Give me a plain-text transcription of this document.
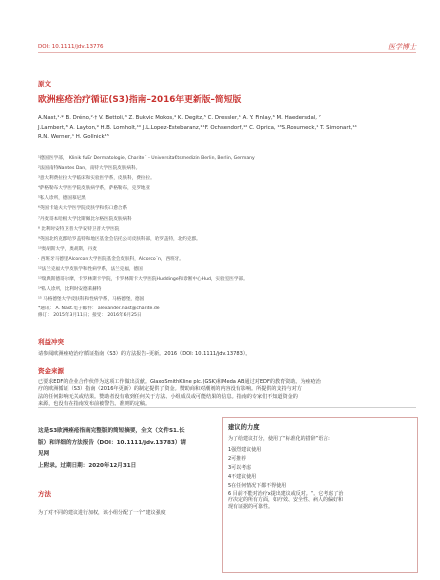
DOI: 10.1111/jdv.13776	医学博士
原文
欧洲痤疮治疗循证(S3)指南–2016年更新版–简短版
A.Nast,¹·* B. Dréno,²·† V. Bettoli,³ Z. Bukvic Mokos,⁴ K. Degitz,⁵ C. Dressler,¹ A. Y. Finlay,⁶ M. Haedersdal, ⁷
J.Lambert,⁸ A. Layton,⁹ H.B. Lomholt,¹⁰ J.L.Lopez-Estebaranz,¹¹F. Ochsendorf,¹² C. Oprica, ¹³S.Rosumeck,¹ T. Simonart,¹⁴
R.N. Werner,¹ H. Gollnick¹⁵
¹德国医学部， Klinik fuEr Dermatologie, Charite´ - Universita€tsmedizin Berlin, Berlin, Germany
²法国南特Nantes Dan，南特大学医院皮肤病科。
³意大利费拉拉大学临床和实验医学系，皮肤科，费拉拉。
⁴萨格勒布大学医学院皮肤病学系，萨格勒布，克罗地亚
⁵私人诊所，德国慕尼黑
⁶英国卡迪夫大学医学院皮肤学和伤口愈合系
⁷丹麦哥本哈根大学比斯佩比尔格医院皮肤病科
⁸ 比利时安特卫普大学安特卫普大学医院
⁹英国北约克郡哈罗盖特和地区基金会信托公司皮肤科部，哈罗盖特，北约克郡。
¹⁰奥胡斯大学，奥胡斯，丹麦
· 西班牙马德里Alcorcon大学医院基金会皮肤科，Alcorco´n，西班牙。
¹²法兰克福大学皮肤学和性病学系，法兰克福，德国
¹³瑞典斯德哥尔摩，卡罗林斯卡学院，卡罗林斯卡大学医院Huddinge和诊断中心Hud，实验室医学部。
¹⁴私人诊所，比利时安德莱赫特
¹⁵ 马格德堡大学皮肤科和性病学系，马格德堡，德国
*通讯： A. Nast.电子邮件： alexander.nast@charite.de
修订： 2015年3月11日；接受： 2016年6月25日
利益冲突
请参阅欧洲痤疮治疗循证指南（S3）的方法报告–更新。2016（DOI: 10.1111/jdv.13783）。
资金来源
已要求EDF的企业合作伙伴为这项工作做出贡献。GlaxoSmithKline plc.(GSK)和Meda AB通过对EDF的教育资助。为痤疮治
疗的欧洲循证（S3）指南（2016年更新）的制定提供了资金。赞助商和对潮剂的内容没有影响。所提供的支持与对方
法的任何影响无关或结果。赞助者没有收到任何关于方法、小组成员或可能结果的信息。指南的专家们不知道资金的
来源，也没有在指南发布前被警告。准则的定稿。
这是S3欧洲痤疮指南完整版的简短摘要，全文（文件S1.长
版）和详细的方法报告（DOI：10.1111/jdv.13783）请见网
上附录。过期日期：2020年12月31日
方法
为了对不同的建议进行加权，该小组分配了一个“建议强度
建议的力度
为了给建议打分，使用了“标准化的措辞”语言:
1强烈建议使用
2可推荐
3可以考虑
4不建议使用
5在任何情况下都不得使用
6 目前不能对治疗x提出建议或反对。“。它考虑了治
疗决定的所有方面，如疗效、安全性、病人的偏好和
现有证据的可靠性。
